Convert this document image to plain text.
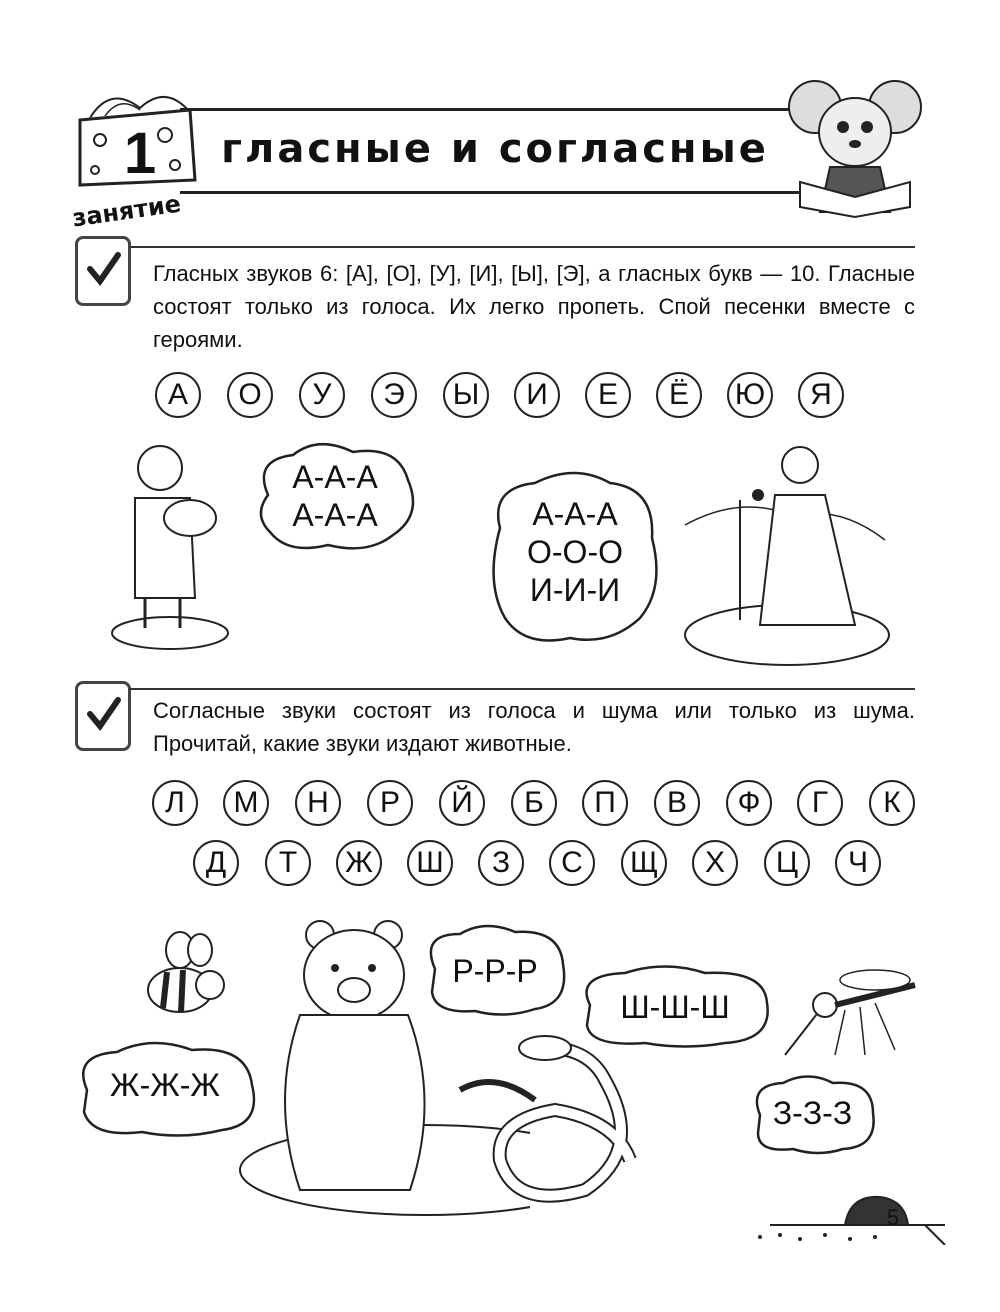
1
занятие
гласные и согласные
Гласных звуков 6: [А], [О], [У], [И], [Ы], [Э], а гласных букв — 10. Гласные состоят только из голоса. Их легко пропеть. Спой песенки вместе с героями.
А	О	У	Э	Ы	И	Е	Ё	Ю	Я
А-А-А
А-А-А	А-А-А
О-О-О
И-И-И
Согласные звуки состоят из голоса и шума или только из шума. Прочитай, какие звуки издают животные.
Л	М	Н	Р	Й	Б	П	В	Ф	Г	К
Д	Т	Ж	Ш	З	С	Щ	Х	Ц	Ч
Ж-Ж-Ж
Р-Р-Р
Ш-Ш-Ш
З-З-З
5
